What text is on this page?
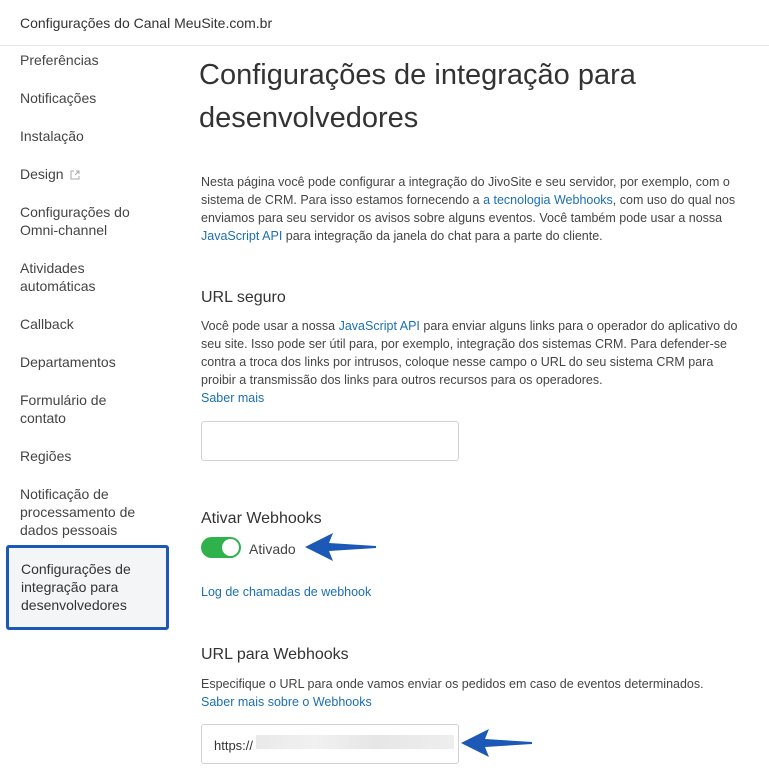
Configurações do Canal MeuSite.com.br
Preferências
Notificações
Instalação
Design
Configurações do Omni-channel
Atividades automáticas
Callback
Departamentos
Formulário de contato
Regiões
Notificação de processamento de dados pessoais
Configurações de integração para desenvolvedores
Configurações de integração para desenvolvedores

Nesta página você pode configurar a integração do JivoSite e seu servidor, por exemplo, com o sistema de CRM. Para isso estamos fornecendo a a tecnologia Webhooks, com uso do qual nos enviamos para seu servidor os avisos sobre alguns eventos. Você também pode usar a nossa JavaScript API para integração da janela do chat para a parte do cliente.

URL seguro

Você pode usar a nossa JavaScript API para enviar alguns links para o operador do aplicativo do seu site. Isso pode ser útil para, por exemplo, integração dos sistemas CRM. Para defender-se contra a troca dos links por intrusos, coloque nesse campo o URL do seu sistema CRM para proibir a transmissão dos links para outros recursos para os operadores.
Saber mais

Ativar Webhooks
Ativado
Log de chamadas de webhook
URL para Webhooks

Especifique o URL para onde vamos enviar os pedidos em caso de eventos determinados.
Saber mais sobre o Webhooks

https://
